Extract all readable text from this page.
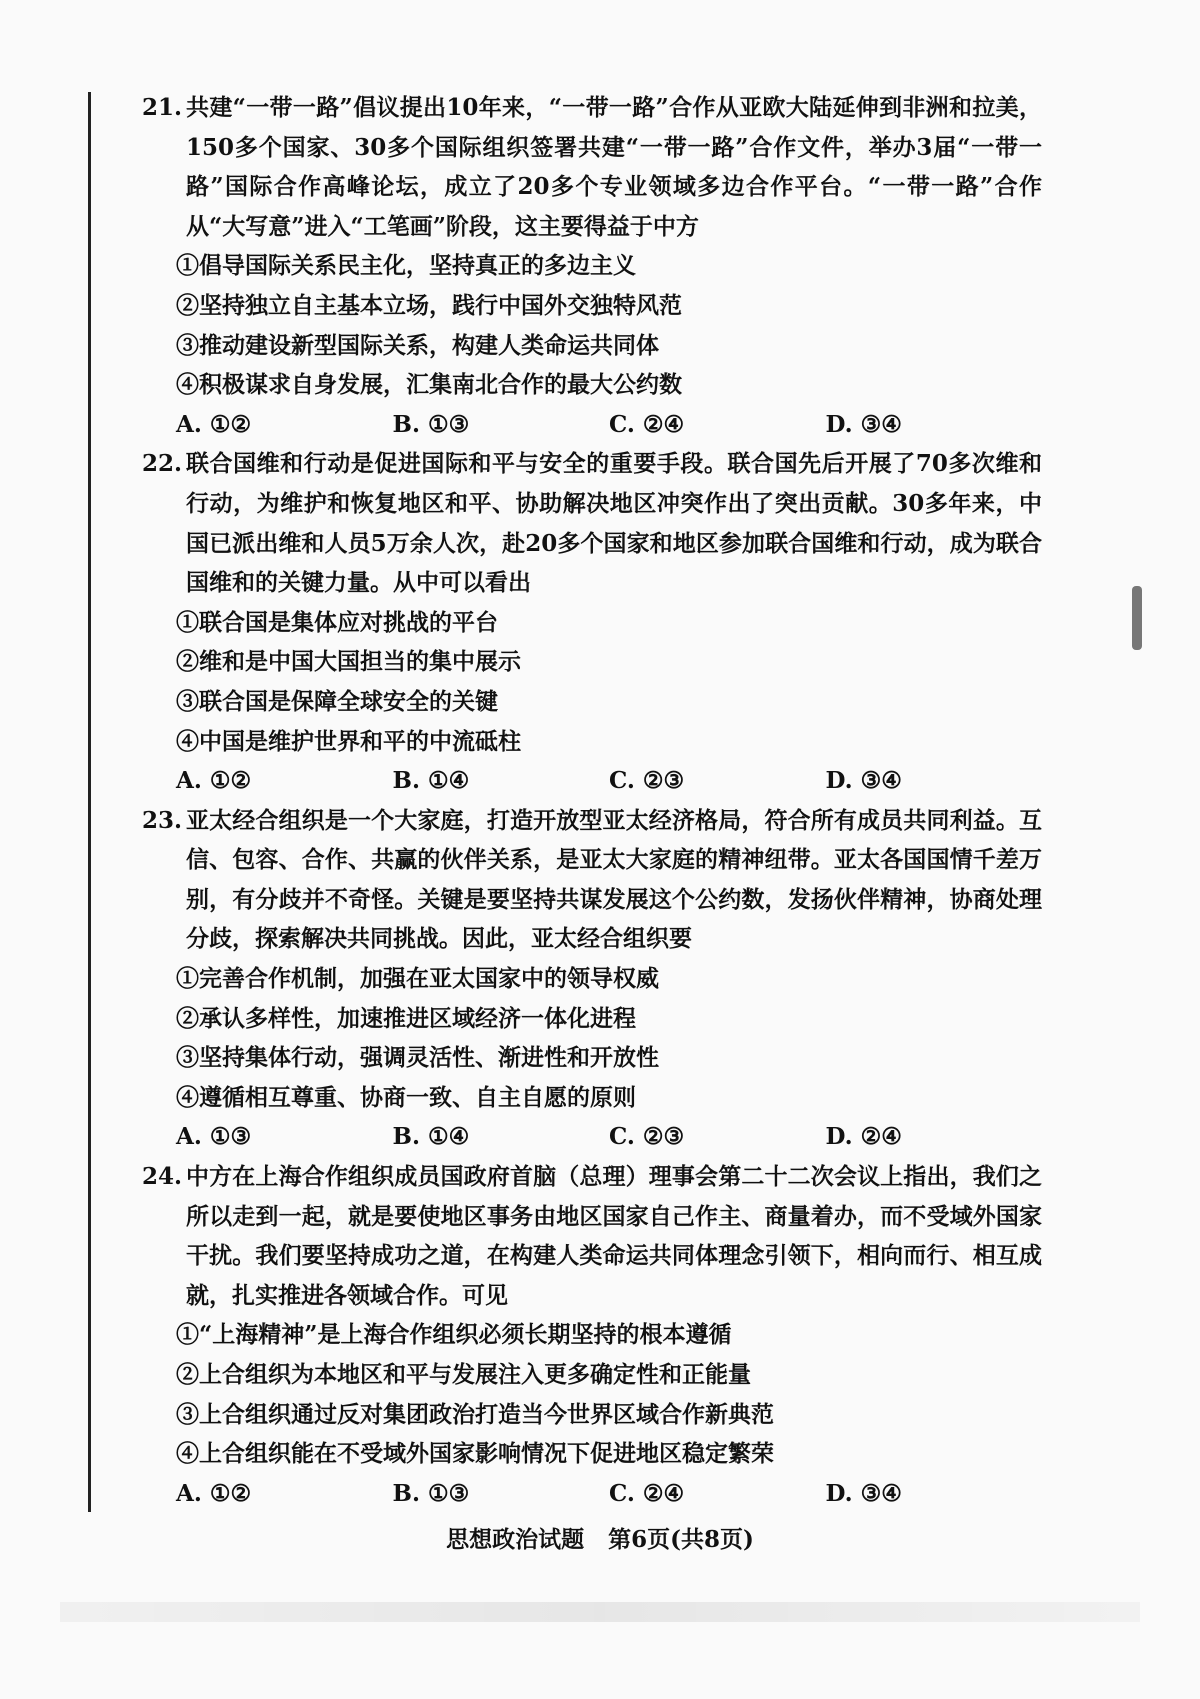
21. 共建“一带一路”倡议提出10年来，“一带一路”合作从亚欧大陆延伸到非洲和拉美，150多个国家、30多个国际组织签署共建“一带一路”合作文件，举办3届“一带一路”国际合作高峰论坛，成立了20多个专业领域多边合作平台。“一带一路”合作从“大写意”进入“工笔画”阶段，这主要得益于中方

①倡导国际关系民主化，坚持真正的多边主义

②坚持独立自主基本立场，践行中国外交独特风范

③推动建设新型国际关系，构建人类命运共同体

④积极谋求自身发展，汇集南北合作的最大公约数

A. ①②	B. ①③	C. ②④	D. ③④
22. 联合国维和行动是促进国际和平与安全的重要手段。联合国先后开展了70多次维和行动，为维护和恢复地区和平、协助解决地区冲突作出了突出贡献。30多年来，中国已派出维和人员5万余人次，赴20多个国家和地区参加联合国维和行动，成为联合国维和的关键力量。从中可以看出

①联合国是集体应对挑战的平台

②维和是中国大国担当的集中展示

③联合国是保障全球安全的关键

④中国是维护世界和平的中流砥柱

A. ①②	B. ①④	C. ②③	D. ③④
23. 亚太经合组织是一个大家庭，打造开放型亚太经济格局，符合所有成员共同利益。互信、包容、合作、共赢的伙伴关系，是亚太大家庭的精神纽带。亚太各国国情千差万别，有分歧并不奇怪。关键是要坚持共谋发展这个公约数，发扬伙伴精神，协商处理分歧，探索解决共同挑战。因此，亚太经合组织要

①完善合作机制，加强在亚太国家中的领导权威

②承认多样性，加速推进区域经济一体化进程

③坚持集体行动，强调灵活性、渐进性和开放性

④遵循相互尊重、协商一致、自主自愿的原则

A. ①③	B. ①④	C. ②③	D. ②④
24. 中方在上海合作组织成员国政府首脑（总理）理事会第二十二次会议上指出，我们之所以走到一起，就是要使地区事务由地区国家自己作主、商量着办，而不受域外国家干扰。我们要坚持成功之道，在构建人类命运共同体理念引领下，相向而行、相互成就，扎实推进各领域合作。可见

①“上海精神”是上海合作组织必须长期坚持的根本遵循

②上合组织为本地区和平与发展注入更多确定性和正能量

③上合组织通过反对集团政治打造当今世界区域合作新典范

④上合组织能在不受域外国家影响情况下促进地区稳定繁荣

A. ①②	B. ①③	C. ②④	D. ③④
思想政治试题 第6页(共8页)
